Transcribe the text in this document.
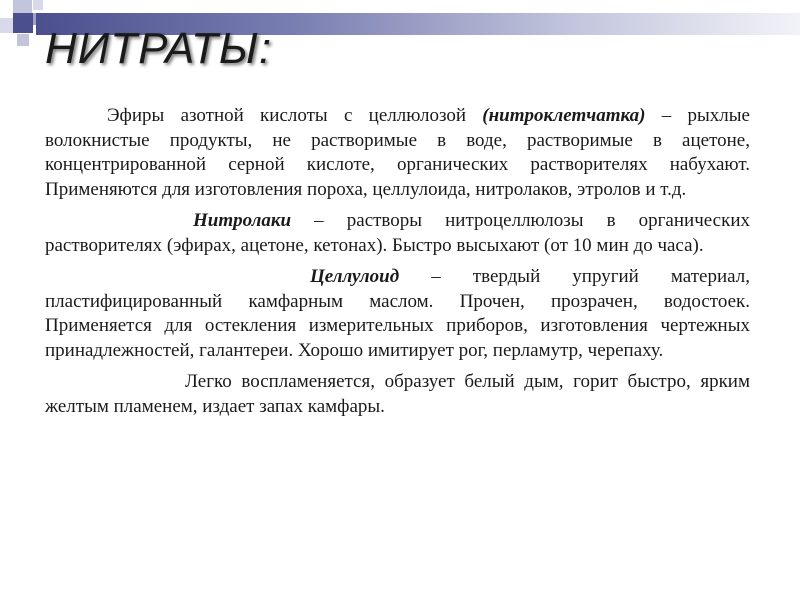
НИТРАТЫ:

Эфиры азотной кислоты с целлюлозой (нитроклетчатка) – рыхлые волокнистые продукты, не растворимые в воде, растворимые в ацетоне, концентрированной серной кислоте, органических растворителях набухают. Применяются для изготовления пороха, целлулоида, нитролаков, этролов и т.д.

Нитролаки – растворы нитроцеллюлозы в органических растворителях (эфирах, ацетоне, кетонах). Быстро высыхают (от 10 мин до часа).

Целлулоид – твердый упругий материал, пластифицированный камфарным маслом. Прочен, прозрачен, водостоек. Применяется для остекления измерительных приборов, изготовления чертежных принадлежностей, галантереи. Хорошо имитирует рог, перламутр, черепаху.

Легко воспламеняется, образует белый дым, горит быстро, ярким желтым пламенем, издает запах камфары.
